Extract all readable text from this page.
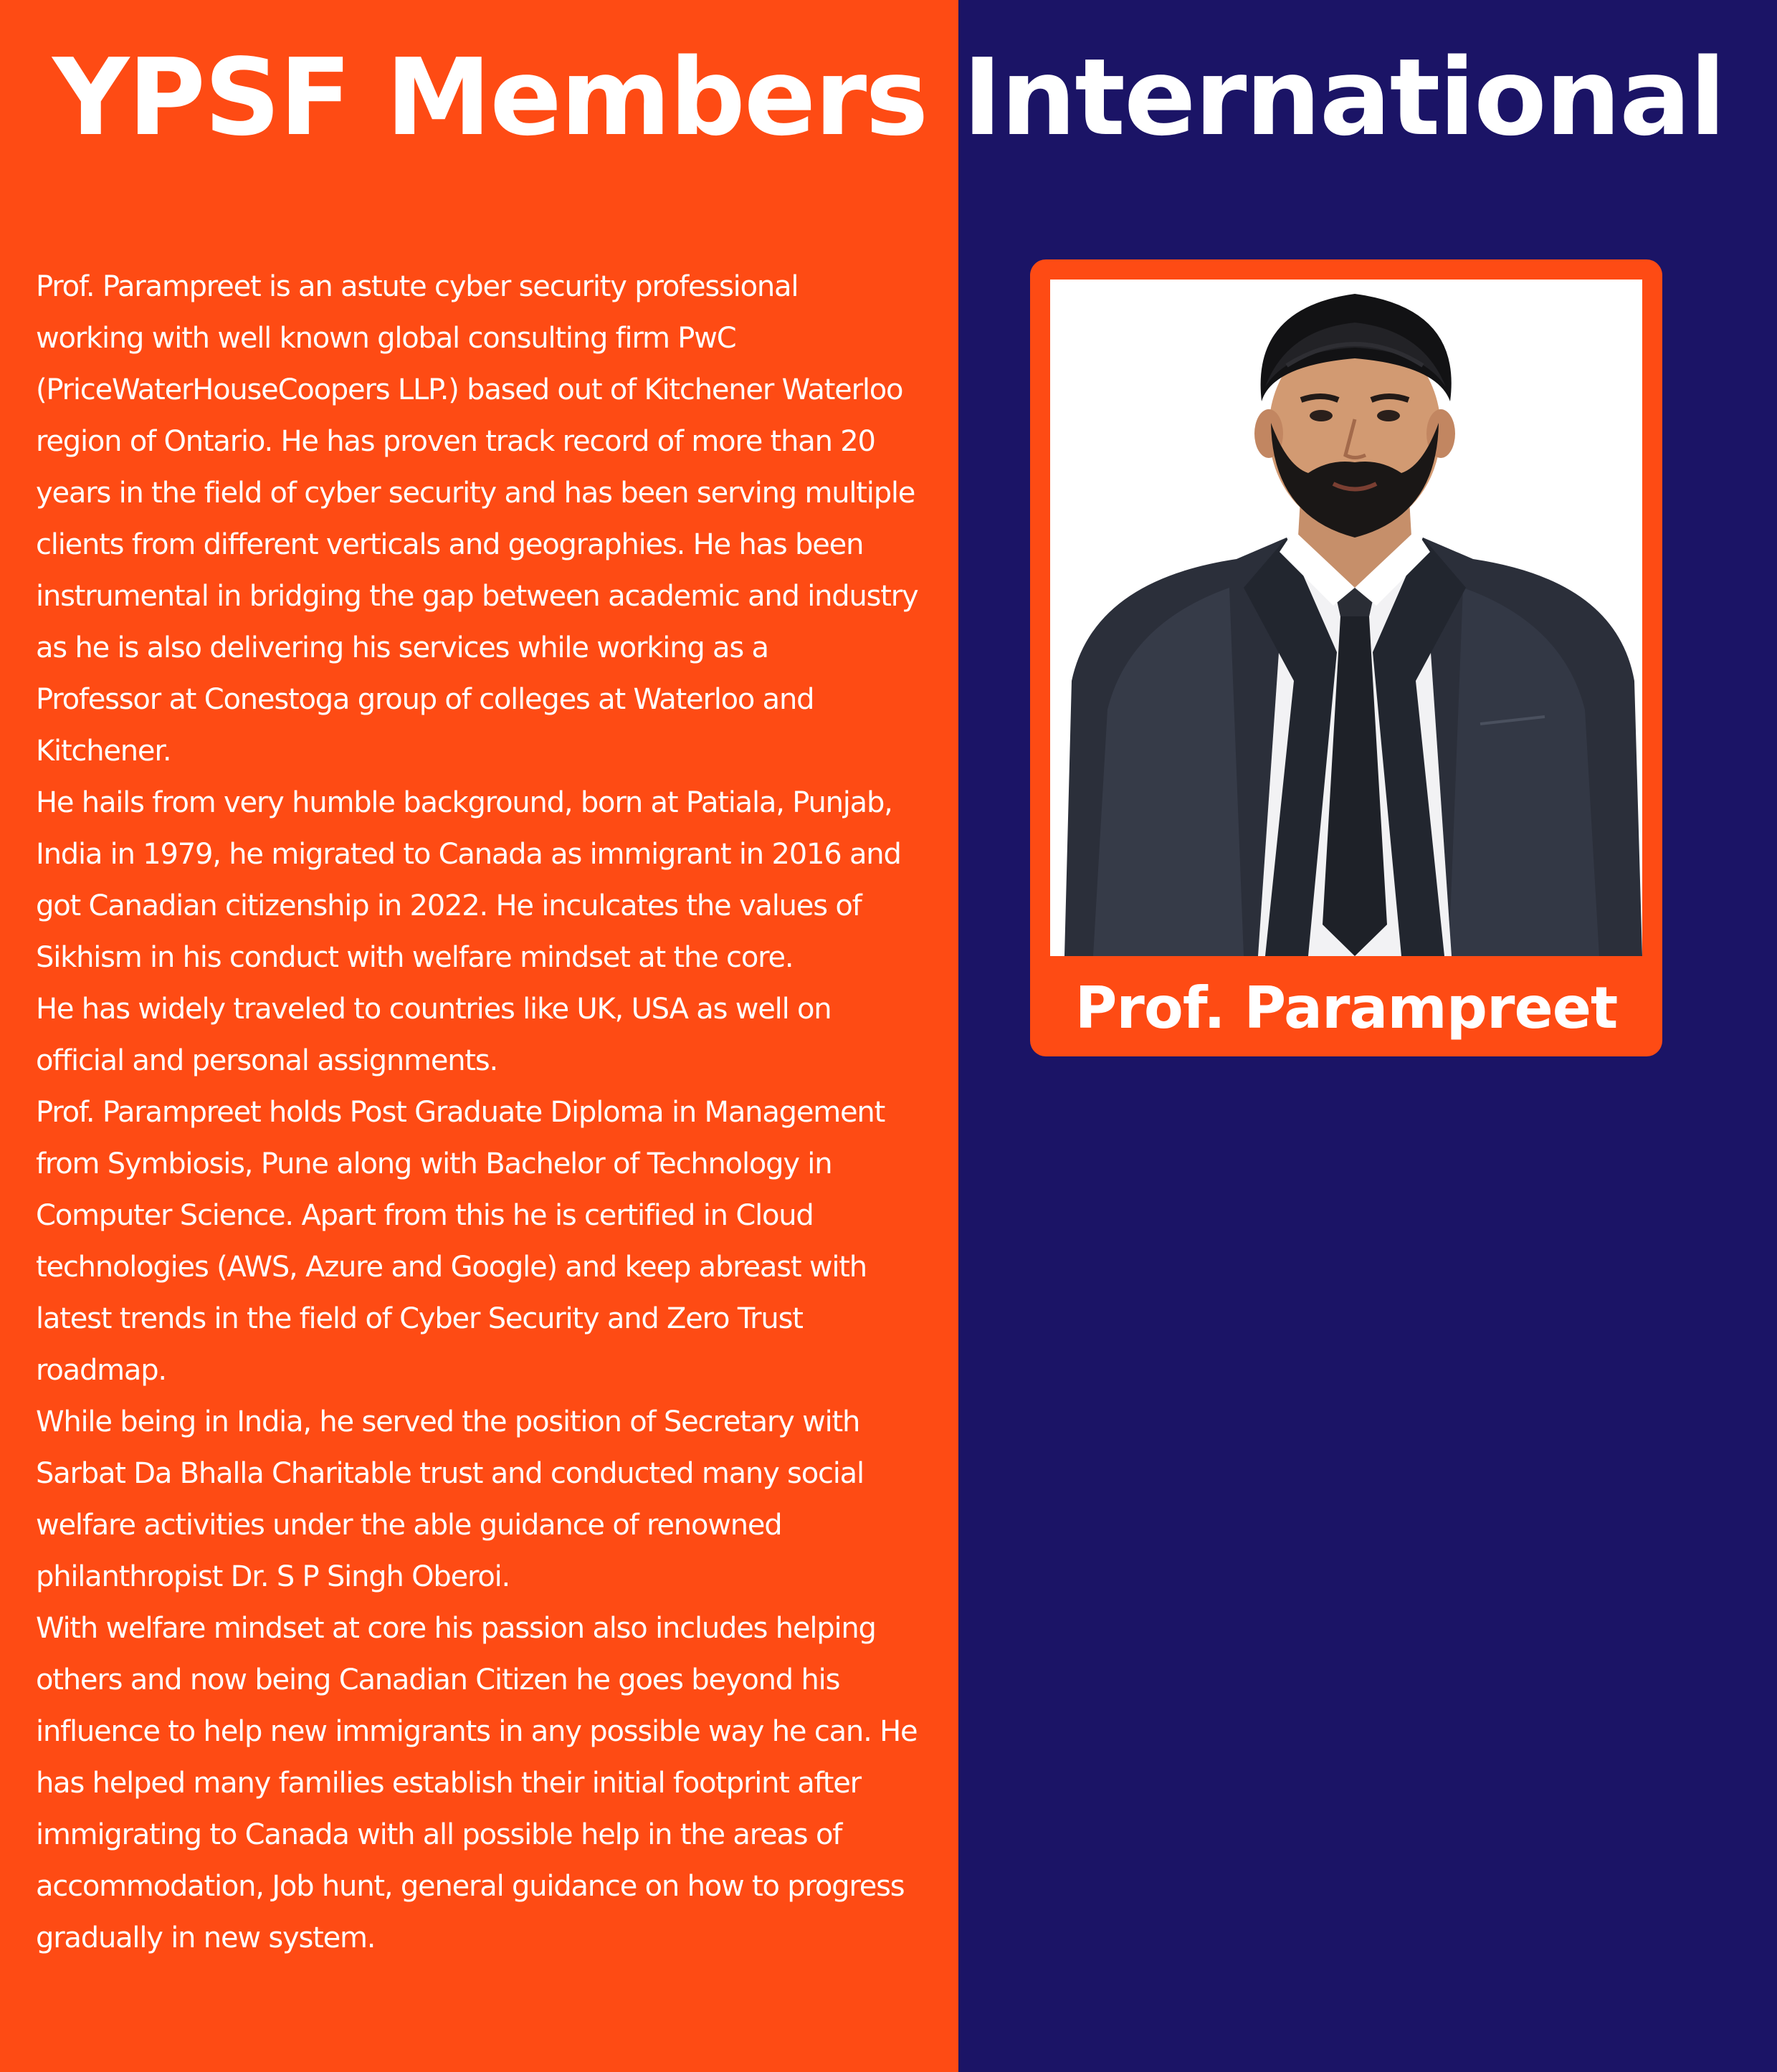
YPSF Members International

Prof. Parampreet is an astute cyber security professional
working with well known global consulting firm PwC
(PriceWaterHouseCoopers LLP.) based out of Kitchener Waterloo
region of Ontario. He has proven track record of more than 20
years in the field of cyber security and has been serving multiple
clients from different verticals and geographies. He has been
instrumental in bridging the gap between academic and industry
as he is also delivering his services while working as a
Professor at Conestoga group of colleges at Waterloo and
Kitchener.

He hails from very humble background, born at Patiala, Punjab,
India in 1979, he migrated to Canada as immigrant in 2016 and
got Canadian citizenship in 2022. He inculcates the values of
Sikhism in his conduct with welfare mindset at the core.

He has widely traveled to countries like UK, USA as well on
official and personal assignments.

Prof. Parampreet holds Post Graduate Diploma in Management
from Symbiosis, Pune along with Bachelor of Technology in
Computer Science. Apart from this he is certified in Cloud
technologies (AWS, Azure and Google) and keep abreast with
latest trends in the field of Cyber Security and Zero Trust
roadmap.

While being in India, he served the position of Secretary with
Sarbat Da Bhalla Charitable trust and conducted many social
welfare activities under the able guidance of renowned
philanthropist Dr. S P Singh Oberoi.

With welfare mindset at core his passion also includes helping
others and now being Canadian Citizen he goes beyond his
influence to help new immigrants in any possible way he can. He
has helped many families establish their initial footprint after
immigrating to Canada with all possible help in the areas of
accommodation, Job hunt, general guidance on how to progress
gradually in new system.

Prof. Parampreet
